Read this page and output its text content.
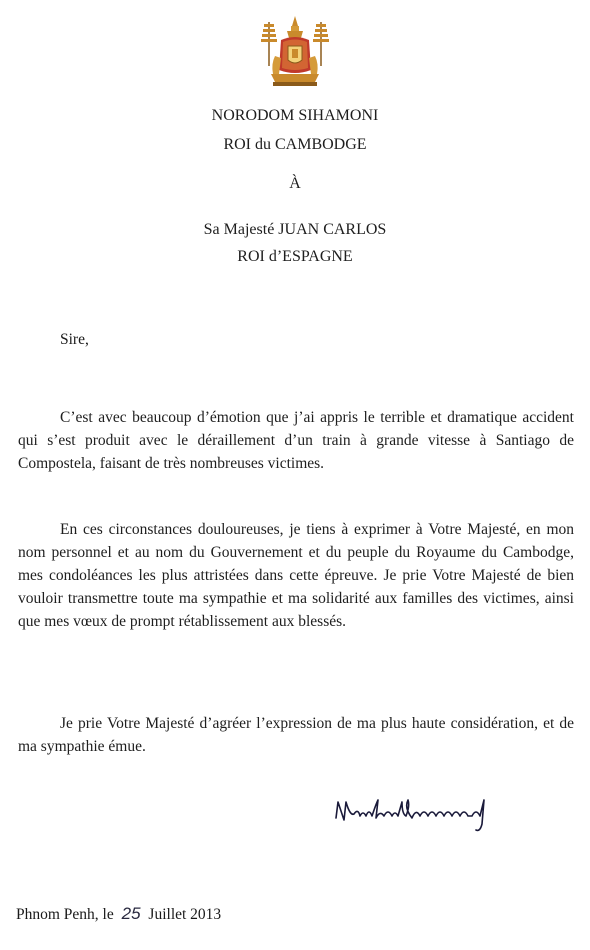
NORODOM SIHAMONI
ROI du CAMBODGE
À
Sa Majesté JUAN CARLOS
ROI d’ESPAGNE
Sire,

C’est avec beaucoup d’émotion que j’ai appris le terrible et dramatique accident qui s’est produit avec le déraillement d’un train à grande vitesse à Santiago de Compostela, faisant de très nombreuses victimes.

En ces circonstances douloureuses, je tiens à exprimer à Votre Majesté, en mon nom personnel et au nom du Gouvernement et du peuple du Royaume du Cambodge, mes condoléances les plus attristées dans cette épreuve. Je prie Votre Majesté de bien vouloir transmettre toute ma sympathie et ma solidarité aux familles des victimes, ainsi que mes vœux de prompt rétablissement aux blessés.

Je prie Votre Majesté d’agréer l’expression de ma plus haute considération, et de ma sympathie émue.

Phnom Penh, le 25 Juillet 2013
